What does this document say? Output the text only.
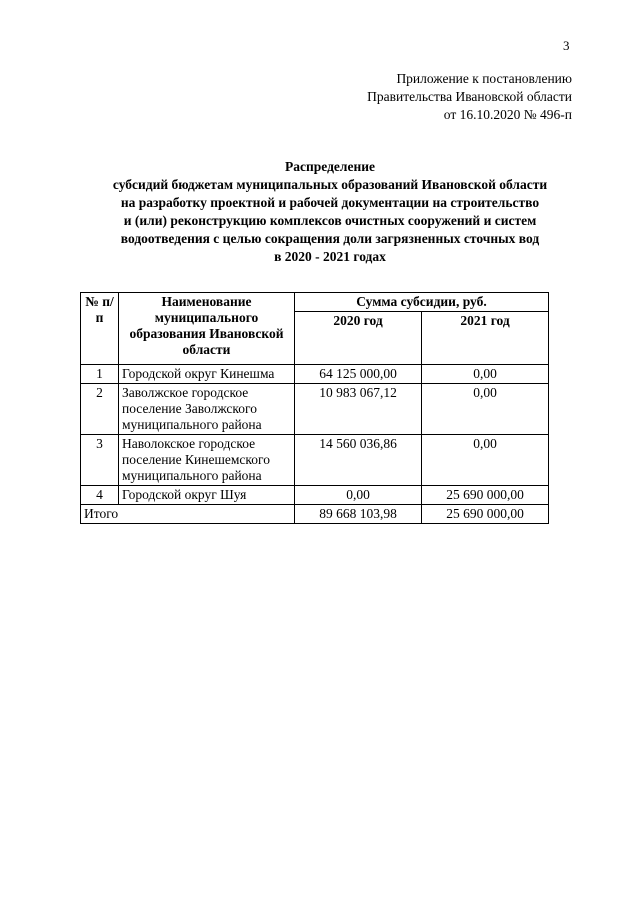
3
Приложение к постановлению
Правительства Ивановской области
от 16.10.2020 № 496-п
Распределение
субсидий бюджетам муниципальных образований Ивановской области
на разработку проектной и рабочей документации на строительство
и (или) реконструкцию комплексов очистных сооружений и систем
водоотведения с целью сокращения доли загрязненных сточных вод
в 2020 - 2021 годах
№ п/п	Наименование муниципального образования Ивановской области	Сумма субсидии, руб.	
		2020 год	2021 год
1	Городской округ Кинешма	64 125 000,00	0,00
2	Заволжское городское поселение Заволжского муниципального района	10 983 067,12	0,00
3	Наволокское городское поселение Кинешемского муниципального района	14 560 036,86	0,00
4	Городской округ Шуя	0,00	25 690 000,00
Итого		89 668 103,98	25 690 000,00
